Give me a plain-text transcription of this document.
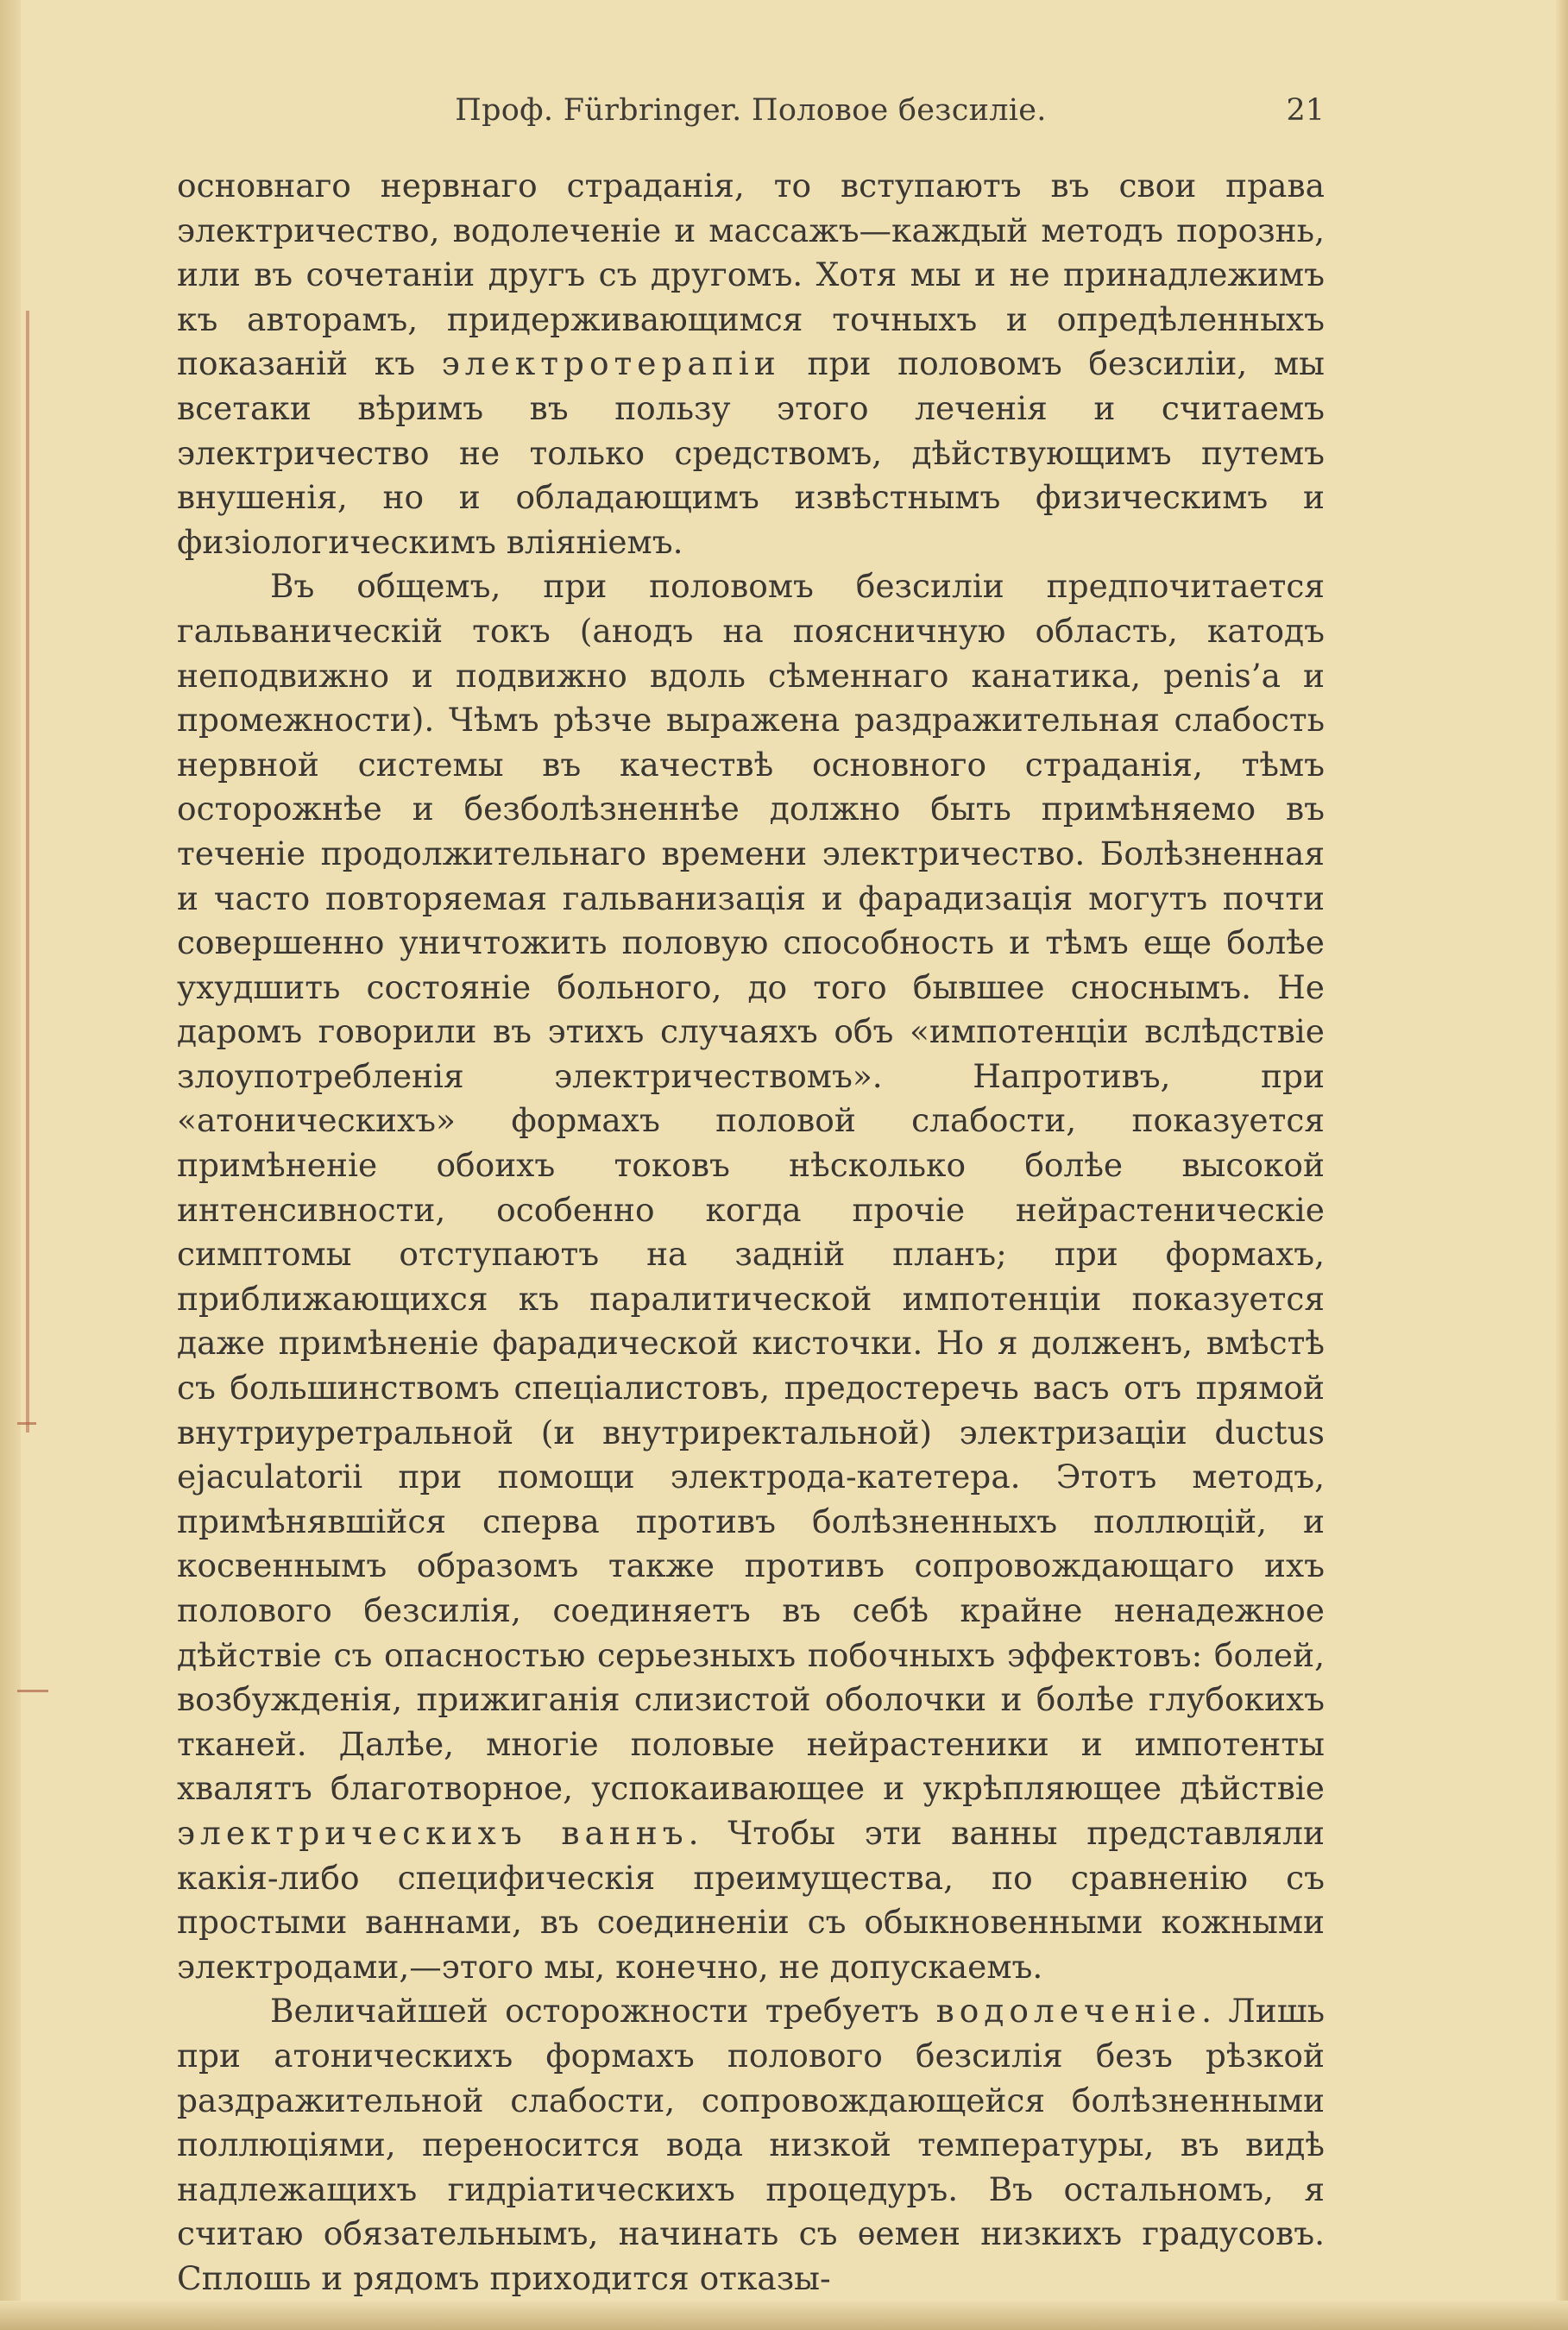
Проф. Fürbringer. Половое безсиліе.	21

основнаго нервнаго страданія, то вступаютъ въ свои права электричество, водолеченіе и массажъ—каждый методъ порознь, или въ сочетаніи другъ съ другомъ. Хотя мы и не принадлежимъ къ авторамъ, придерживающимся точныхъ и опредѣленныхъ показаній къ электротерапіи при половомъ безсиліи, мы всетаки вѣримъ въ пользу этого леченія и считаемъ электричество не только средствомъ, дѣйствующимъ путемъ внушенія, но и обладающимъ извѣстнымъ физическимъ и физіологическимъ вліяніемъ.

Въ общемъ, при половомъ безсиліи предпочитается гальваническій токъ (анодъ на поясничную область, катодъ неподвижно и подвижно вдоль сѣменнаго канатика, penis’a и промежности). Чѣмъ рѣзче выражена раздражительная слабость нервной системы въ качествѣ основного страданія, тѣмъ осторожнѣе и безболѣзненнѣе должно быть примѣняемо въ теченіе продолжительнаго времени электричество. Болѣзненная и часто повторяемая гальванизація и фарадизація могутъ почти совершенно уничтожить половую способность и тѣмъ еще болѣе ухудшить состояніе больного, до того бывшее сноснымъ. Не даромъ говорили въ этихъ случаяхъ объ «импотенціи вслѣдствіе злоупотребленія электричествомъ». Напротивъ, при «атоническихъ» формахъ половой слабости, показуется примѣненіе обоихъ токовъ нѣсколько болѣе высокой интенсивности, особенно когда прочіе нейрастеническіе симптомы отступаютъ на задній планъ; при формахъ, приближающихся къ паралитической импотенціи показуется даже примѣненіе фарадической кисточки. Но я долженъ, вмѣстѣ съ большинствомъ спеціалистовъ, предостеречь васъ отъ прямой внутриуретральной (и внутриректальной) электризаціи ductus ejaculatorii при помощи электрода-катетера. Этотъ методъ, примѣнявшійся сперва противъ болѣзненныхъ поллюцій, и косвеннымъ образомъ также противъ сопровождающаго ихъ полового безсилія, соединяетъ въ себѣ крайне ненадежное дѣйствіе съ опасностью серьезныхъ побочныхъ эффектовъ: болей, возбужденія, прижиганія слизистой оболочки и болѣе глубокихъ тканей. Далѣе, многіе половые нейрастеники и импотенты хвалятъ благотворное, успокаивающее и укрѣпляющее дѣйствіе электрическихъ ваннъ. Чтобы эти ванны представляли какія-либо специфическія преимущества, по сравненію съ простыми ваннами, въ соединеніи съ обыкновенными кожными электродами,—этого мы, конечно, не допускаемъ.

Величайшей осторожности требуетъ водолеченіе. Лишь при атоническихъ формахъ полового безсилія безъ рѣзкой раздражительной слабости, сопровождающейся болѣзненными поллюціями, переносится вода низкой температуры, въ видѣ надлежащихъ гидріатическихъ процедуръ. Въ остальномъ, я считаю обязательнымъ, начинать съ ѳемен низкихъ градусовъ. Сплошь и рядомъ приходится отказы-
